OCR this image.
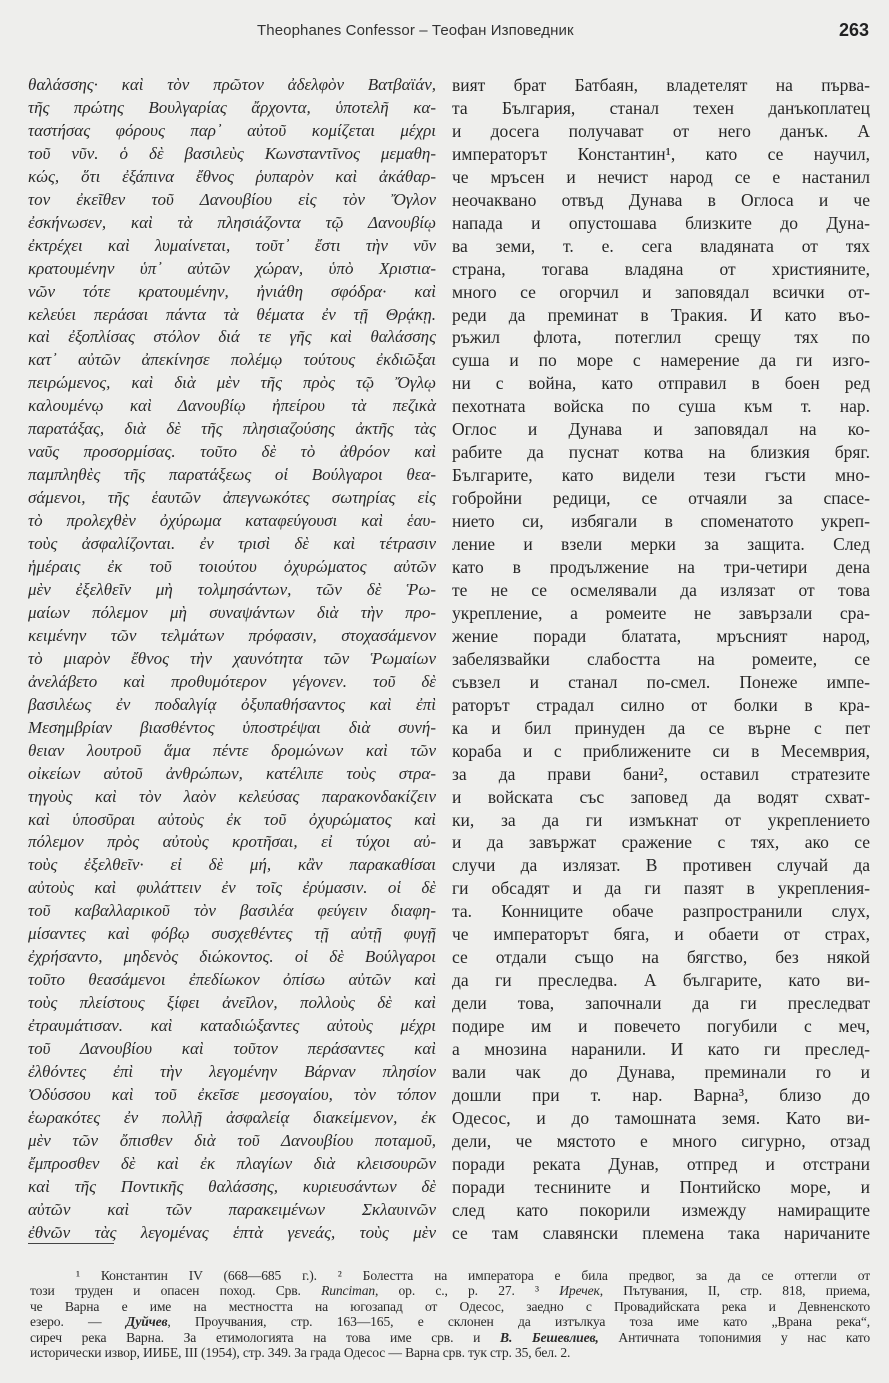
Theophanes Confessor – Теофан Изповедник	263
θαλάσσης· καὶ τὸν πρῶτον ἀδελφὸν Βατβαϊάν,
τῆς πρώτης Βουλγαρίας ἄρχοντα, ὑποτελῆ κα-
ταστήσας φόρους παρ᾽ αὐτοῦ κομίζεται μέχρι
τοῦ νῦν. ὁ δὲ βασιλεὺς Κωνσταντῖνος μεμαθη-
κώς, ὅτι ἐξάπινα ἔθνος ῥυπαρὸν καὶ ἀκάθαρ-
τον ἐκεῖθεν τοῦ Δανουβίου εἰς τὸν Ὄγλον
ἐσκήνωσεν, καὶ τὰ πλησιάζοντα τῷ Δανουβίῳ
ἐκτρέχει καὶ λυμαίνεται, τοῦτ᾽ ἔστι τὴν νῦν
κρατουμένην ὑπ᾽ αὐτῶν χώραν, ὑπὸ Χριστια-
νῶν τότε κρατουμένην, ἠνιάθη σφόδρα· καὶ
κελεύει περάσαι πάντα τὰ θέματα ἐν τῇ Θρᾴκῃ.
καὶ ἐξοπλίσας στόλον διά τε γῆς καὶ θαλάσσης
κατ᾽ αὐτῶν ἀπεκίνησε πολέμῳ τούτους ἐκδιῶξαι
πειρώμενος, καὶ διὰ μὲν τῆς πρὸς τῷ Ὄγλῳ
καλουμένῳ καὶ Δανουβίῳ ἠπείρου τὰ πεζικὰ
παρατάξας, διὰ δὲ τῆς πλησιαζούσης ἀκτῆς τὰς
ναῦς προσορμίσας. τοῦτο δὲ τὸ ἀθρόον καὶ
παμπληθὲς τῆς παρατάξεως οἱ Βούλγαροι θεα-
σάμενοι, τῆς ἑαυτῶν ἀπεγνωκότες σωτηρίας εἰς
τὸ προλεχθὲν ὀχύρωμα καταφεύγουσι καὶ ἑαυ-
τοὺς ἀσφαλίζονται. ἐν τρισὶ δὲ καὶ τέτρασιν
ἡμέραις ἐκ τοῦ τοιούτου ὀχυρώματος αὐτῶν
μὲν ἐξελθεῖν μὴ τολμησάντων, τῶν δὲ Ῥω-
μαίων πόλεμον μὴ συναψάντων διὰ τὴν προ-
κειμένην τῶν τελμάτων πρόφασιν, στοχασάμενον
τὸ μιαρὸν ἔθνος τὴν χαυνότητα τῶν Ῥωμαίων
ἀνελάβετο καὶ προθυμότερον γέγονεν. τοῦ δὲ
βασιλέως ἐν ποδαλγίᾳ ὀξυπαθήσαντος καὶ ἐπὶ
Μεσημβρίαν βιασθέντος ὑποστρέψαι διὰ συνή-
θειαν λουτροῦ ἅμα πέντε δρομώνων καὶ τῶν
οἰκείων αὐτοῦ ἀνθρώπων, κατέλιπε τοὺς στρα-
τηγοὺς καὶ τὸν λαὸν κελεύσας παρακονδακίζειν
καὶ ὑποσῦραι αὐτοὺς ἐκ τοῦ ὀχυρώματος καὶ
πόλεμον πρὸς αὐτοὺς κροτῆσαι, εἰ τύχοι αὐ-
τοὺς ἐξελθεῖν· εἰ δὲ μή, κἂν παρακαθίσαι
αὐτοὺς καὶ φυλάττειν ἐν τοῖς ἐρύμασιν. οἱ δὲ
τοῦ καβαλλαρικοῦ τὸν βασιλέα φεύγειν διαφη-
μίσαντες καὶ φόβῳ συσχεθέντες τῇ αὐτῇ φυγῇ
ἐχρήσαντο, μηδενὸς διώκοντος. οἱ δὲ Βούλγαροι
τοῦτο θεασάμενοι ἐπεδίωκον ὀπίσω αὐτῶν καὶ
τοὺς πλείστους ξίφει ἀνεῖλον, πολλοὺς δὲ καὶ
ἐτραυμάτισαν. καὶ καταδιώξαντες αὐτοὺς μέχρι
τοῦ Δανουβίου καὶ τοῦτον περάσαντες καὶ
ἐλθόντες ἐπὶ τὴν λεγομένην Βάρναν πλησίον
Ὀδύσσου καὶ τοῦ ἐκεῖσε μεσογαίου, τὸν τόπον
ἑωρακότες ἐν πολλῇ ἀσφαλείᾳ διακείμενον, ἐκ
μὲν τῶν ὄπισθεν διὰ τοῦ Δανουβίου ποταμοῦ,
ἔμπροσθεν δὲ καὶ ἐκ πλαγίων διὰ κλεισουρῶν
καὶ τῆς Ποντικῆς θαλάσσης, κυριευσάντων δὲ
αὐτῶν καὶ τῶν παρακειμένων Σκλαυινῶν
ἐθνῶν τὰς λεγομένας ἑπτὰ γενεάς, τοὺς μὲν
вият брат Батбаян, владетелят на първа-
та България, станал техен данъкоплатец
и досега получават от него данък. А
императорът Константин¹, като се научил,
че мръсен и нечист народ се е настанил
неочаквано отвъд Дунава в Оглоса и че
напада и опустошава близките до Дуна-
ва земи, т. е. сега владяната от тях
страна, тогава владяна от християните,
много се огорчил и заповядал всички от-
реди да преминат в Тракия. И като въо-
ръжил флота, потеглил срещу тях по
суша и по море с намерение да ги изго-
ни с война, като отправил в боен ред
пехотната войска по суша към т. нар.
Оглос и Дунава и заповядал на ко-
рабите да пуснат котва на близкия бряг.
Българите, като видели тези гъсти мно-
гобройни редици, се отчаяли за спасе-
нието си, избягали в споменатото укреп-
ление и взели мерки за защита. След
като в продължение на три-четири дена
те не се осмелявали да излязат от това
укрепление, а ромеите не завързали сра-
жение поради блатата, мръсният народ,
забелязвайки слабостта на ромеите, се
съвзел и станал по-смел. Понеже импе-
раторът страдал силно от болки в кра-
ка и бил принуден да се върне с пет
кораба и с приближените си в Месемврия,
за да прави бани², оставил стратезите
и войската със заповед да водят схват-
ки, за да ги измъкнат от укреплението
и да завържат сражение с тях, ако се
случи да излязат. В противен случай да
ги обсадят и да ги пазят в укрепления-
та. Конниците обаче разпространили слух,
че императорът бяга, и обаети от страх,
се отдали също на бягство, без някой
да ги преследва. А българите, като ви-
дели това, започнали да ги преследват
подире им и повечето погубили с меч,
а мнозина наранили. И като ги преслед-
вали чак до Дунава, преминали го и
дошли при т. нар. Варна³, близо до
Одесос, и до тамошната земя. Като ви-
дели, че мястото е много сигурно, отзад
поради реката Дунав, отпред и отстрани
поради теснините и Понтийско море, и
след като покорили измежду намиращите
се там славянски племена така наричаните
¹ Константин IV (668—685 г.). ² Болестта на императора е била предвог, за да се оттегли от
този труден и опасен поход. Срв. Runciman, op. c., p. 27. ³ Иречек, Пътувания, II, стр. 818, приема,
че Варна е име на местността на югозапад от Одесос, заедно с Провадийската река и Девненското
езеро. — Дуйчев, Проучвания, стр. 163—165, е склонен да изтълкуа тоза име като „Врана река“,
сиреч река Варна. За етимологията на това име срв. и В. Бешевлиев, Античната топонимия у нас като
исторически извор, ИИБЕ, III (1954), стр. 349. За града Одесос — Варна срв. тук стр. 35, бел. 2.
